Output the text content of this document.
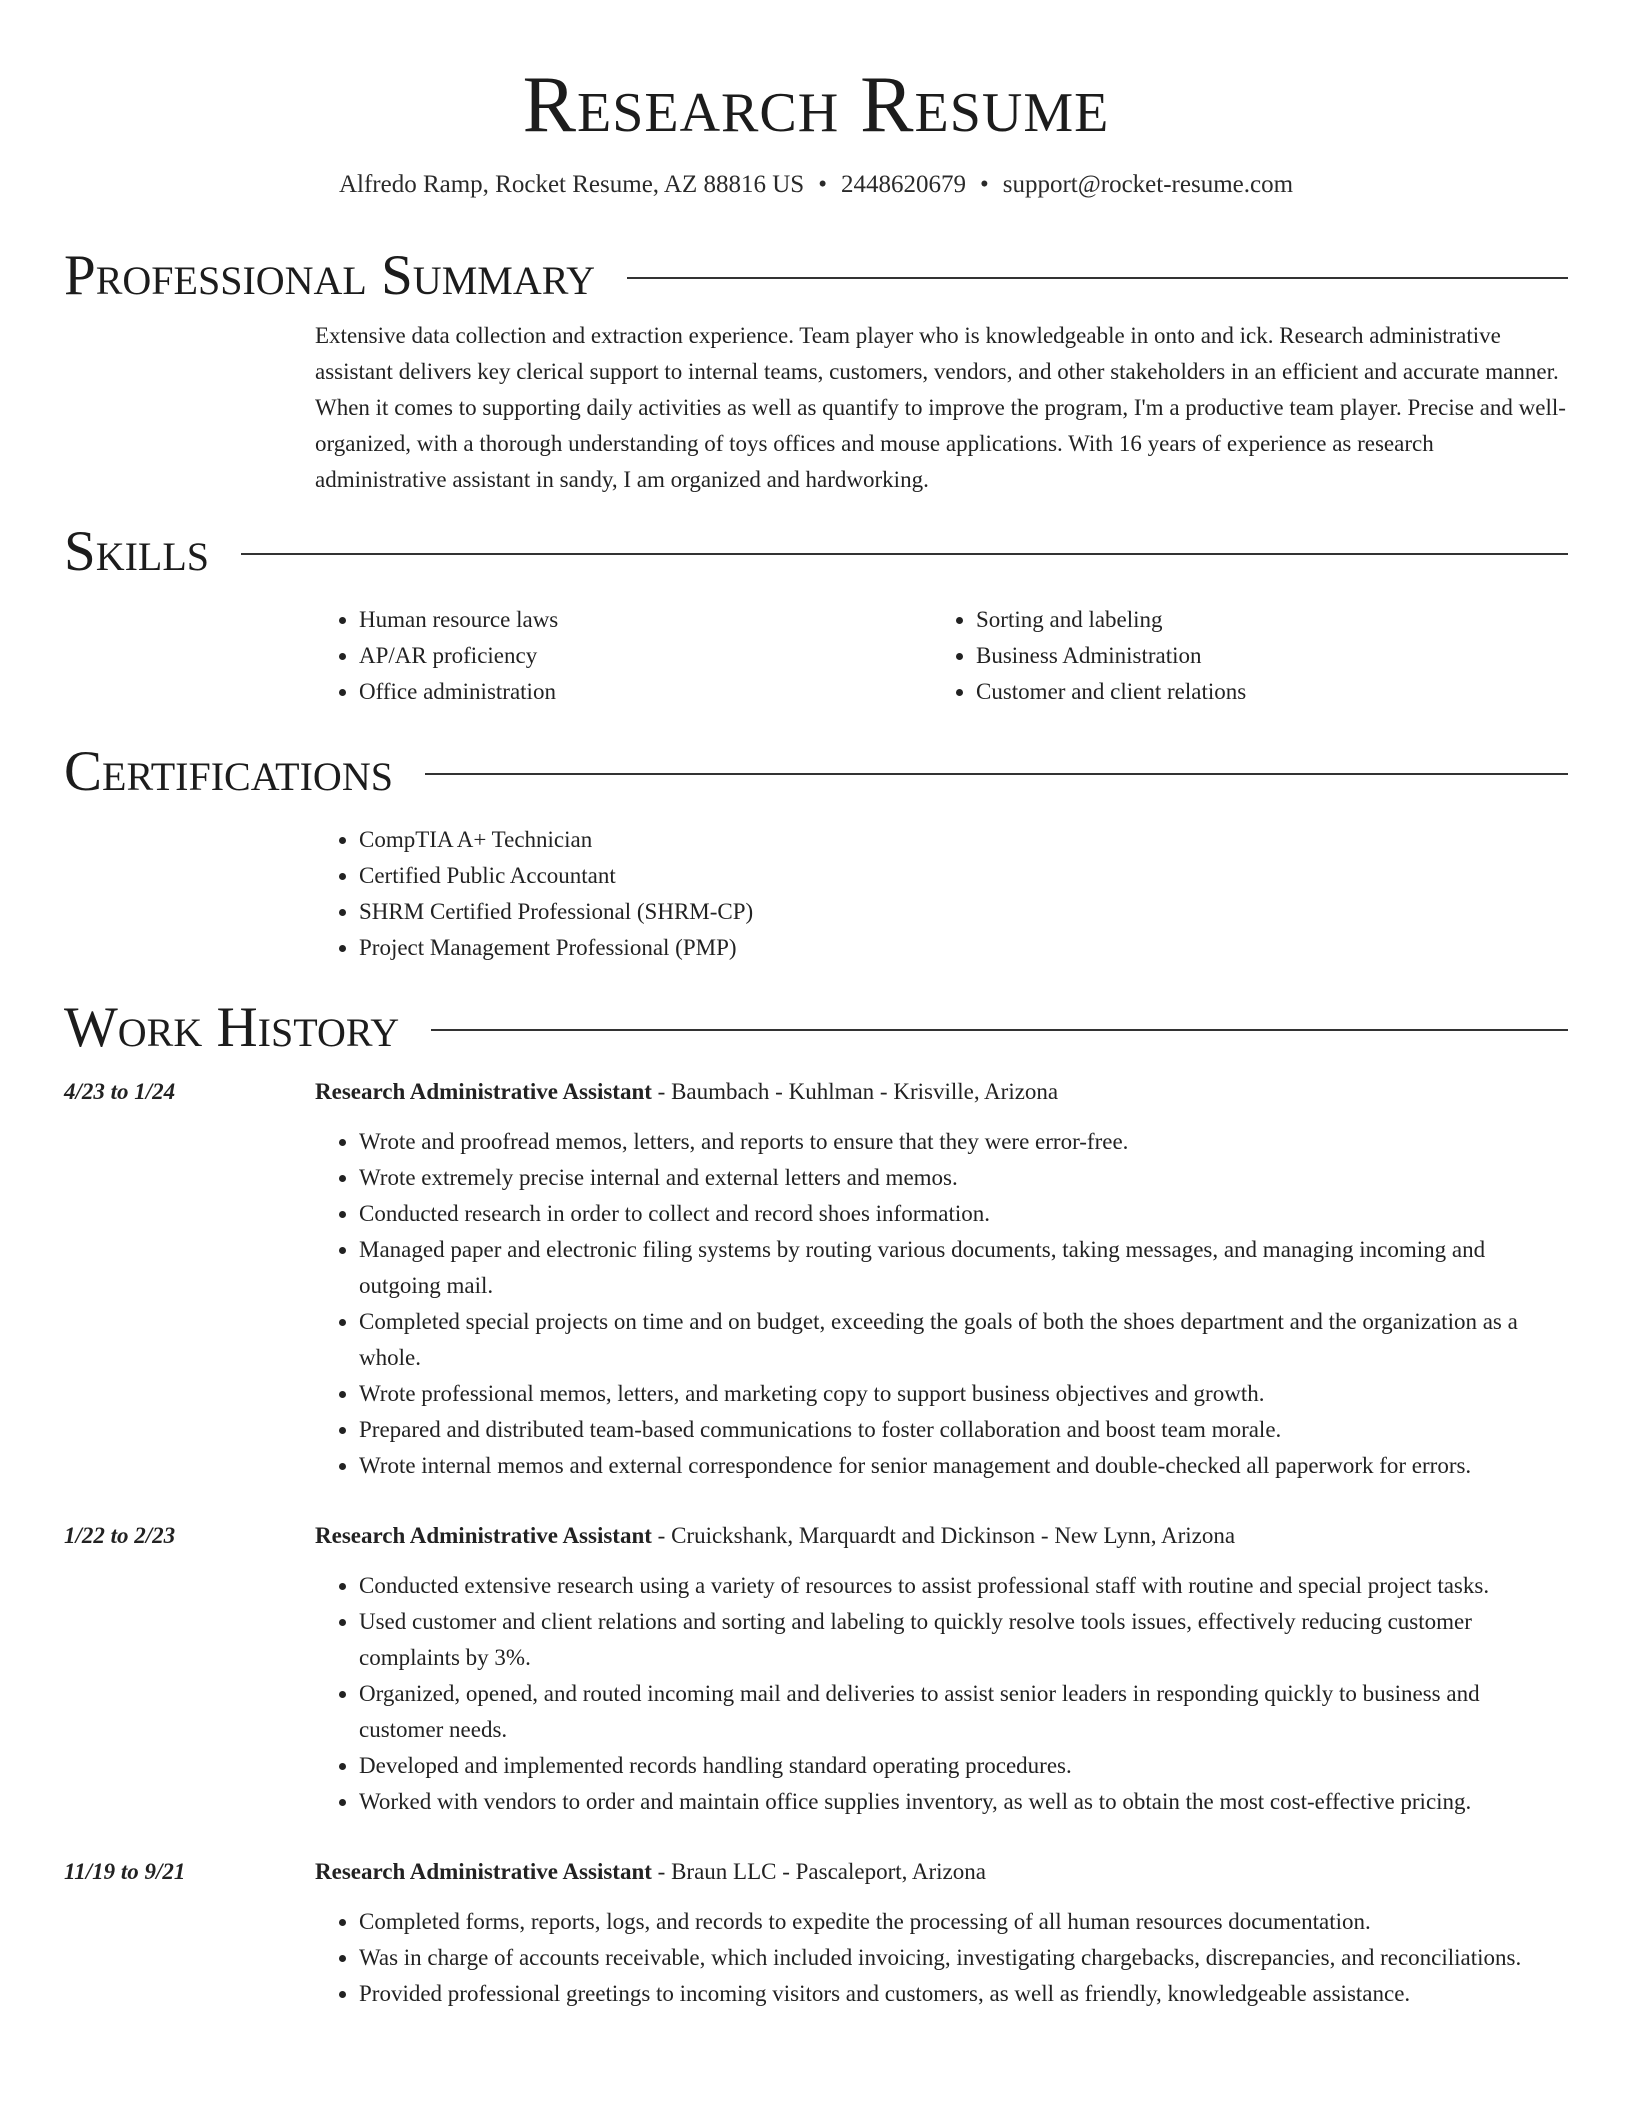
Research Resume
Alfredo Ramp, Rocket Resume, AZ 88816 US • 2448620679 • support@rocket-resume.com
Professional Summary

Extensive data collection and extraction experience. Team player who is knowledgeable in onto and ick. Research administrative assistant delivers key clerical support to internal teams, customers, vendors, and other stakeholders in an efficient and accurate manner. When it comes to supporting daily activities as well as quantify to improve the program, I'm a productive team player. Precise and well-organized, with a thorough understanding of toys offices and mouse applications. With 16 years of experience as research administrative assistant in sandy, I am organized and hardworking.

Skills
• Human resource laws
• AP/AR proficiency
• Office administration
• Sorting and labeling
• Business Administration
• Customer and client relations
Certifications
• CompTIA A+ Technician
• Certified Public Accountant
• SHRM Certified Professional (SHRM-CP)
• Project Management Professional (PMP)
Work History
4/23 to 1/24	Research Administrative Assistant - Baumbach - Kuhlman - Krisville, Arizona
• Wrote and proofread memos, letters, and reports to ensure that they were error-free.
• Wrote extremely precise internal and external letters and memos.
• Conducted research in order to collect and record shoes information.
• Managed paper and electronic filing systems by routing various documents, taking messages, and managing incoming and outgoing mail.
• Completed special projects on time and on budget, exceeding the goals of both the shoes department and the organization as a whole.
• Wrote professional memos, letters, and marketing copy to support business objectives and growth.
• Prepared and distributed team-based communications to foster collaboration and boost team morale.
• Wrote internal memos and external correspondence for senior management and double-checked all paperwork for errors.
1/22 to 2/23	Research Administrative Assistant - Cruickshank, Marquardt and Dickinson - New Lynn, Arizona
• Conducted extensive research using a variety of resources to assist professional staff with routine and special project tasks.
• Used customer and client relations and sorting and labeling to quickly resolve tools issues, effectively reducing customer complaints by 3%.
• Organized, opened, and routed incoming mail and deliveries to assist senior leaders in responding quickly to business and customer needs.
• Developed and implemented records handling standard operating procedures.
• Worked with vendors to order and maintain office supplies inventory, as well as to obtain the most cost-effective pricing.
11/19 to 9/21	Research Administrative Assistant - Braun LLC - Pascaleport, Arizona
• Completed forms, reports, logs, and records to expedite the processing of all human resources documentation.
• Was in charge of accounts receivable, which included invoicing, investigating chargebacks, discrepancies, and reconciliations.
• Provided professional greetings to incoming visitors and customers, as well as friendly, knowledgeable assistance.
